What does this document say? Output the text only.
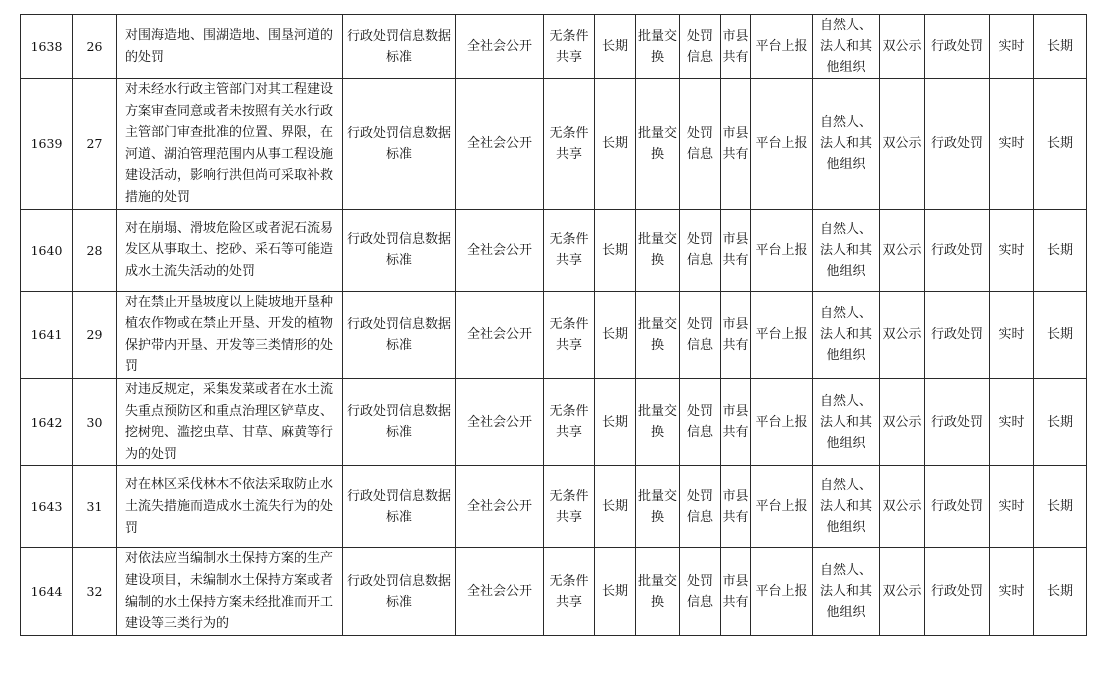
1638	26	对围海造地、围湖造地、围垦河道的的处罚	行政处罚信息数据标准	全社会公开	无条件共享	长期	批量交换	处罚信息	市县共有	平台上报	自然人、法人和其他组织	双公示	行政处罚	实时	长期
1639	27	对未经水行政主管部门对其工程建设方案审查同意或者未按照有关水行政主管部门审查批准的位置、界限，在河道、湖泊管理范围内从事工程设施建设活动，影响行洪但尚可采取补救措施的处罚	行政处罚信息数据标准	全社会公开	无条件共享	长期	批量交换	处罚信息	市县共有	平台上报	自然人、法人和其他组织	双公示	行政处罚	实时	长期
1640	28	对在崩塌、滑坡危险区或者泥石流易发区从事取土、挖砂、采石等可能造成水土流失活动的处罚	行政处罚信息数据标准	全社会公开	无条件共享	长期	批量交换	处罚信息	市县共有	平台上报	自然人、法人和其他组织	双公示	行政处罚	实时	长期
1641	29	对在禁止开垦坡度以上陡坡地开垦种植农作物或在禁止开垦、开发的植物保护带内开垦、开发等三类情形的处罚	行政处罚信息数据标准	全社会公开	无条件共享	长期	批量交换	处罚信息	市县共有	平台上报	自然人、法人和其他组织	双公示	行政处罚	实时	长期
1642	30	对违反规定，采集发菜或者在水土流失重点预防区和重点治理区铲草皮、挖树兜、滥挖虫草、甘草、麻黄等行为的处罚	行政处罚信息数据标准	全社会公开	无条件共享	长期	批量交换	处罚信息	市县共有	平台上报	自然人、法人和其他组织	双公示	行政处罚	实时	长期
1643	31	对在林区采伐林木不依法采取防止水土流失措施而造成水土流失行为的处罚	行政处罚信息数据标准	全社会公开	无条件共享	长期	批量交换	处罚信息	市县共有	平台上报	自然人、法人和其他组织	双公示	行政处罚	实时	长期
1644	32	对依法应当编制水土保持方案的生产建设项目，未编制水土保持方案或者编制的水土保持方案未经批准而开工建设等三类行为的	行政处罚信息数据标准	全社会公开	无条件共享	长期	批量交换	处罚信息	市县共有	平台上报	自然人、法人和其他组织	双公示	行政处罚	实时	长期
